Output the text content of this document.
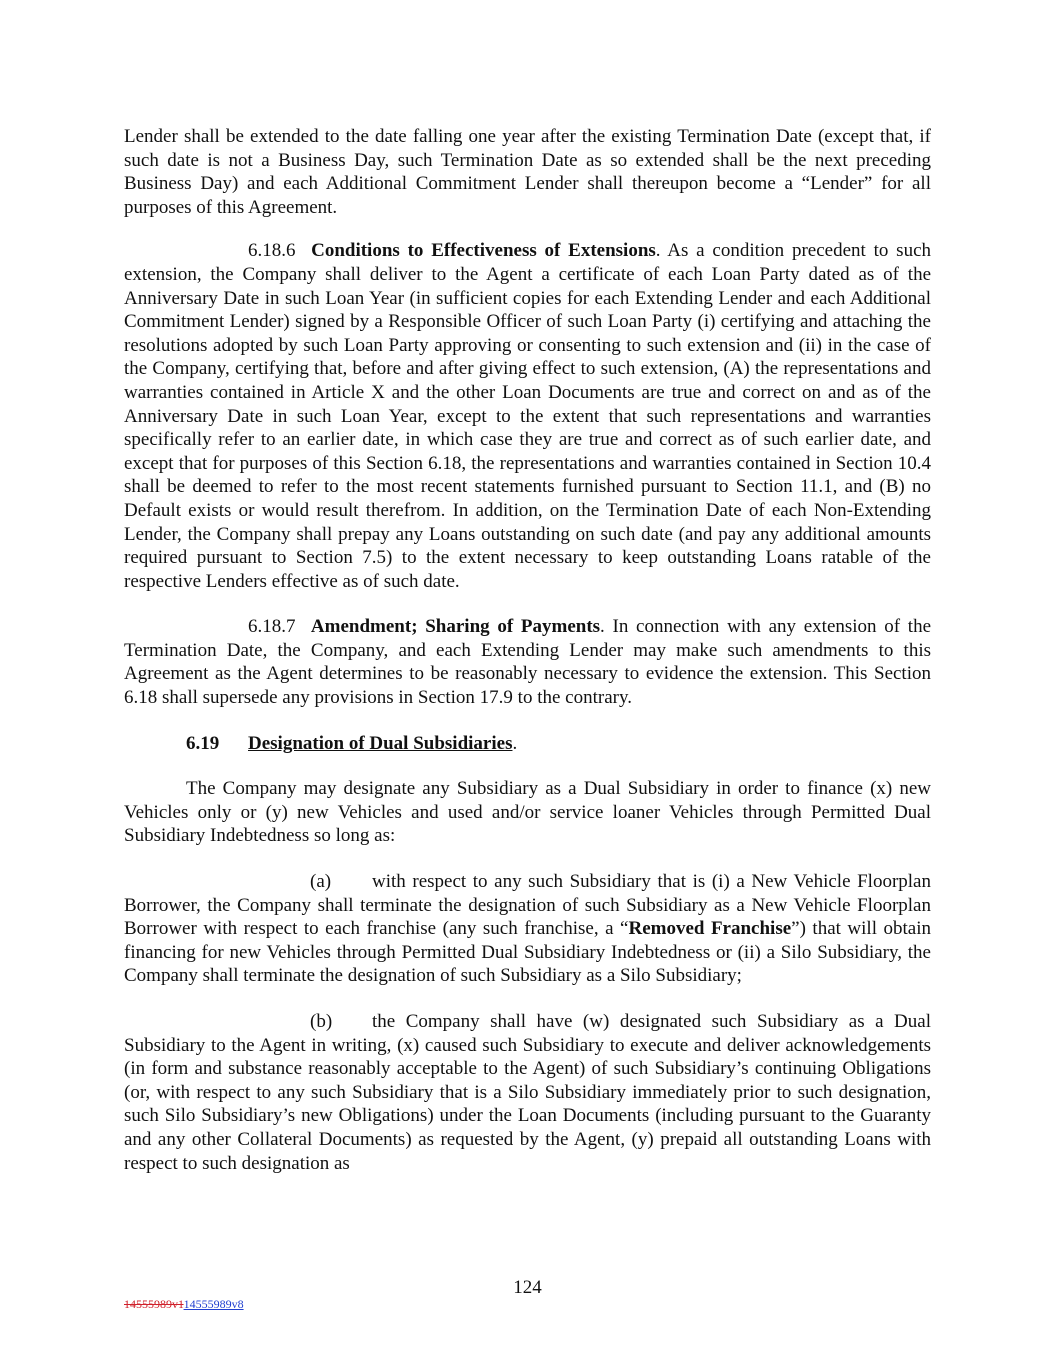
Lender shall be extended to the date falling one year after the existing Termination Date (except that, if such date is not a Business Day, such Termination Date as so extended shall be the next preceding Business Day) and each Additional Commitment Lender shall thereupon become a “Lender” for all purposes of this Agreement.

6.18.6 Conditions to Effectiveness of Extensions. As a condition precedent to such extension, the Company shall deliver to the Agent a certificate of each Loan Party dated as of the Anniversary Date in such Loan Year (in sufficient copies for each Extending Lender and each Additional Commitment Lender) signed by a Responsible Officer of such Loan Party (i) certifying and attaching the resolutions adopted by such Loan Party approving or consenting to such extension and (ii) in the case of the Company, certifying that, before and after giving effect to such extension, (A) the representations and warranties contained in Article X and the other Loan Documents are true and correct on and as of the Anniversary Date in such Loan Year, except to the extent that such representations and warranties specifically refer to an earlier date, in which case they are true and correct as of such earlier date, and except that for purposes of this Section 6.18, the representations and warranties contained in Section 10.4 shall be deemed to refer to the most recent statements furnished pursuant to Section 11.1, and (B) no Default exists or would result therefrom. In addition, on the Termination Date of each Non-Extending Lender, the Company shall prepay any Loans outstanding on such date (and pay any additional amounts required pursuant to Section 7.5) to the extent necessary to keep outstanding Loans ratable of the respective Lenders effective as of such date.

6.18.7 Amendment; Sharing of Payments. In connection with any extension of the Termination Date, the Company, and each Extending Lender may make such amendments to this Agreement as the Agent determines to be reasonably necessary to evidence the extension. This Section 6.18 shall supersede any provisions in Section 17.9 to the contrary.

6.19 Designation of Dual Subsidiaries.

The Company may designate any Subsidiary as a Dual Subsidiary in order to finance (x) new Vehicles only or (y) new Vehicles and used and/or service loaner Vehicles through Permitted Dual Subsidiary Indebtedness so long as:

(a) with respect to any such Subsidiary that is (i) a New Vehicle Floorplan Borrower, the Company shall terminate the designation of such Subsidiary as a New Vehicle Floorplan Borrower with respect to each franchise (any such franchise, a “Removed Franchise”) that will obtain financing for new Vehicles through Permitted Dual Subsidiary Indebtedness or (ii) a Silo Subsidiary, the Company shall terminate the designation of such Subsidiary as a Silo Subsidiary;

(b) the Company shall have (w) designated such Subsidiary as a Dual Subsidiary to the Agent in writing, (x) caused such Subsidiary to execute and deliver acknowledgements (in form and substance reasonably acceptable to the Agent) of such Subsidiary’s continuing Obligations (or, with respect to any such Subsidiary that is a Silo Subsidiary immediately prior to such designation, such Silo Subsidiary’s new Obligations) under the Loan Documents (including pursuant to the Guaranty and any other Collateral Documents) as requested by the Agent, (y) prepaid all outstanding Loans with respect to such designation as

124
14555989v114555989v8
